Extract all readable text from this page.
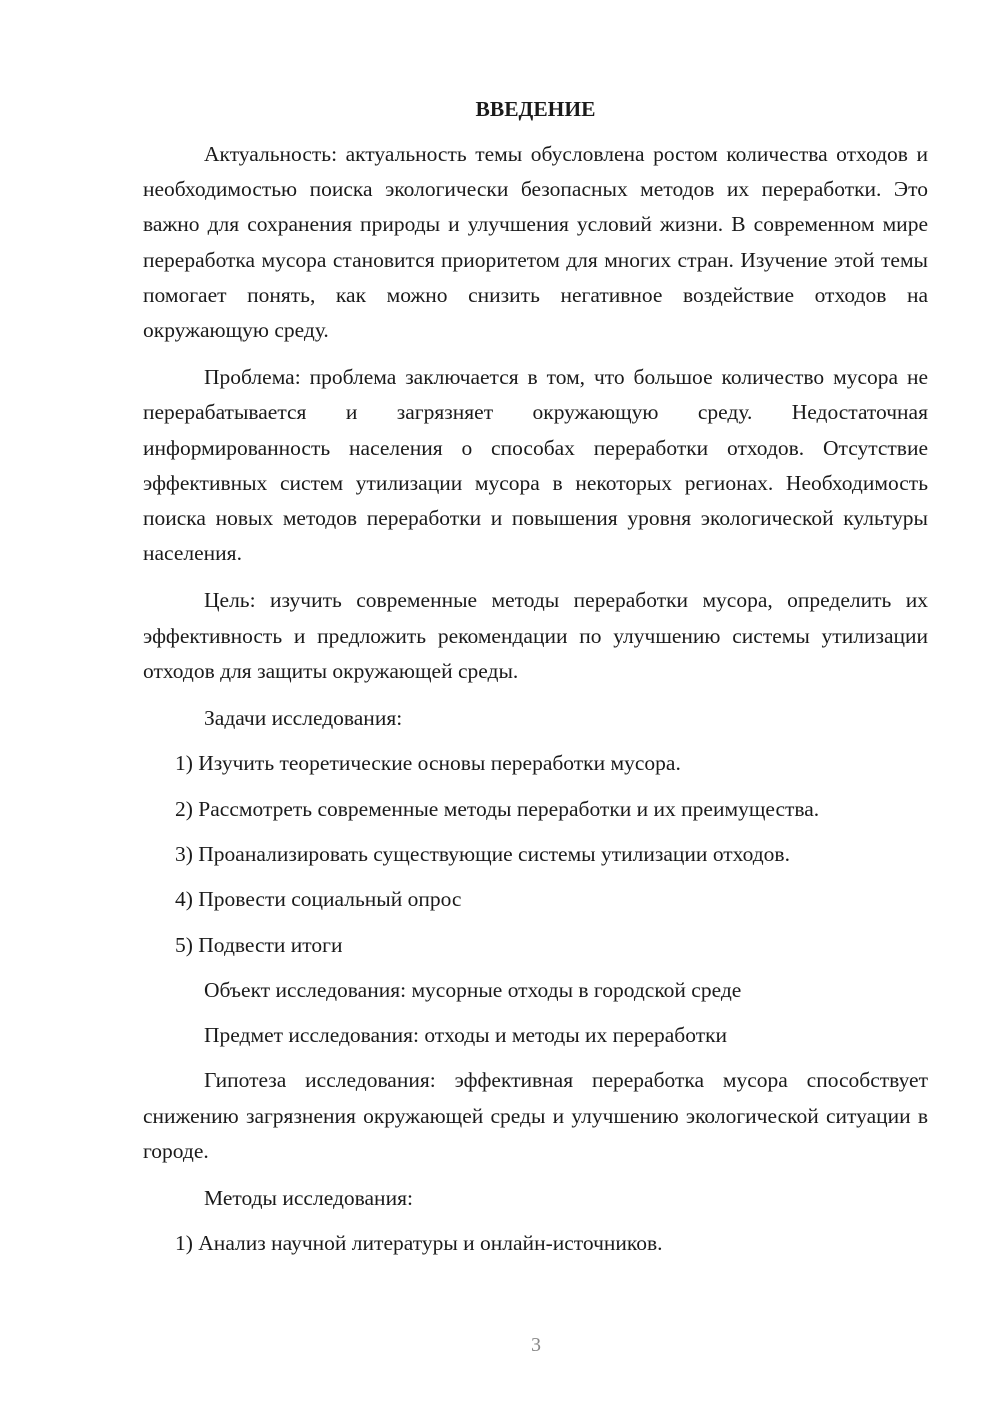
ВВЕДЕНИЕ

Актуальность: актуальность темы обусловлена ростом количества отходов и необходимостью поиска экологически безопасных методов их переработки. Это важно для сохранения природы и улучшения условий жизни. В современном мире переработка мусора становится приоритетом для многих стран. Изучение этой темы помогает понять, как можно снизить негативное воздействие отходов на окружающую среду.

Проблема: проблема заключается в том, что большое количество мусора не перерабатывается и загрязняет окружающую среду. Недостаточная информированность населения о способах переработки отходов. Отсутствие эффективных систем утилизации мусора в некоторых регионах. Необходимость поиска новых методов переработки и повышения уровня экологической культуры населения.

Цель: изучить современные методы переработки мусора, определить их эффективность и предложить рекомендации по улучшению системы утилизации отходов для защиты окружающей среды.

Задачи исследования:
1) Изучить теоретические основы переработки мусора.
2) Рассмотреть современные методы переработки и их преимущества.
3) Проанализировать существующие системы утилизации отходов.
4) Провести социальный опрос
5) Подвести итоги
Объект исследования: мусорные отходы в городской среде
Предмет исследования: отходы и методы их переработки

Гипотеза исследования: эффективная переработка мусора способствует снижению загрязнения окружающей среды и улучшению экологической ситуации в городе.

Методы исследования:
1) Анализ научной литературы и онлайн-источников.
3
